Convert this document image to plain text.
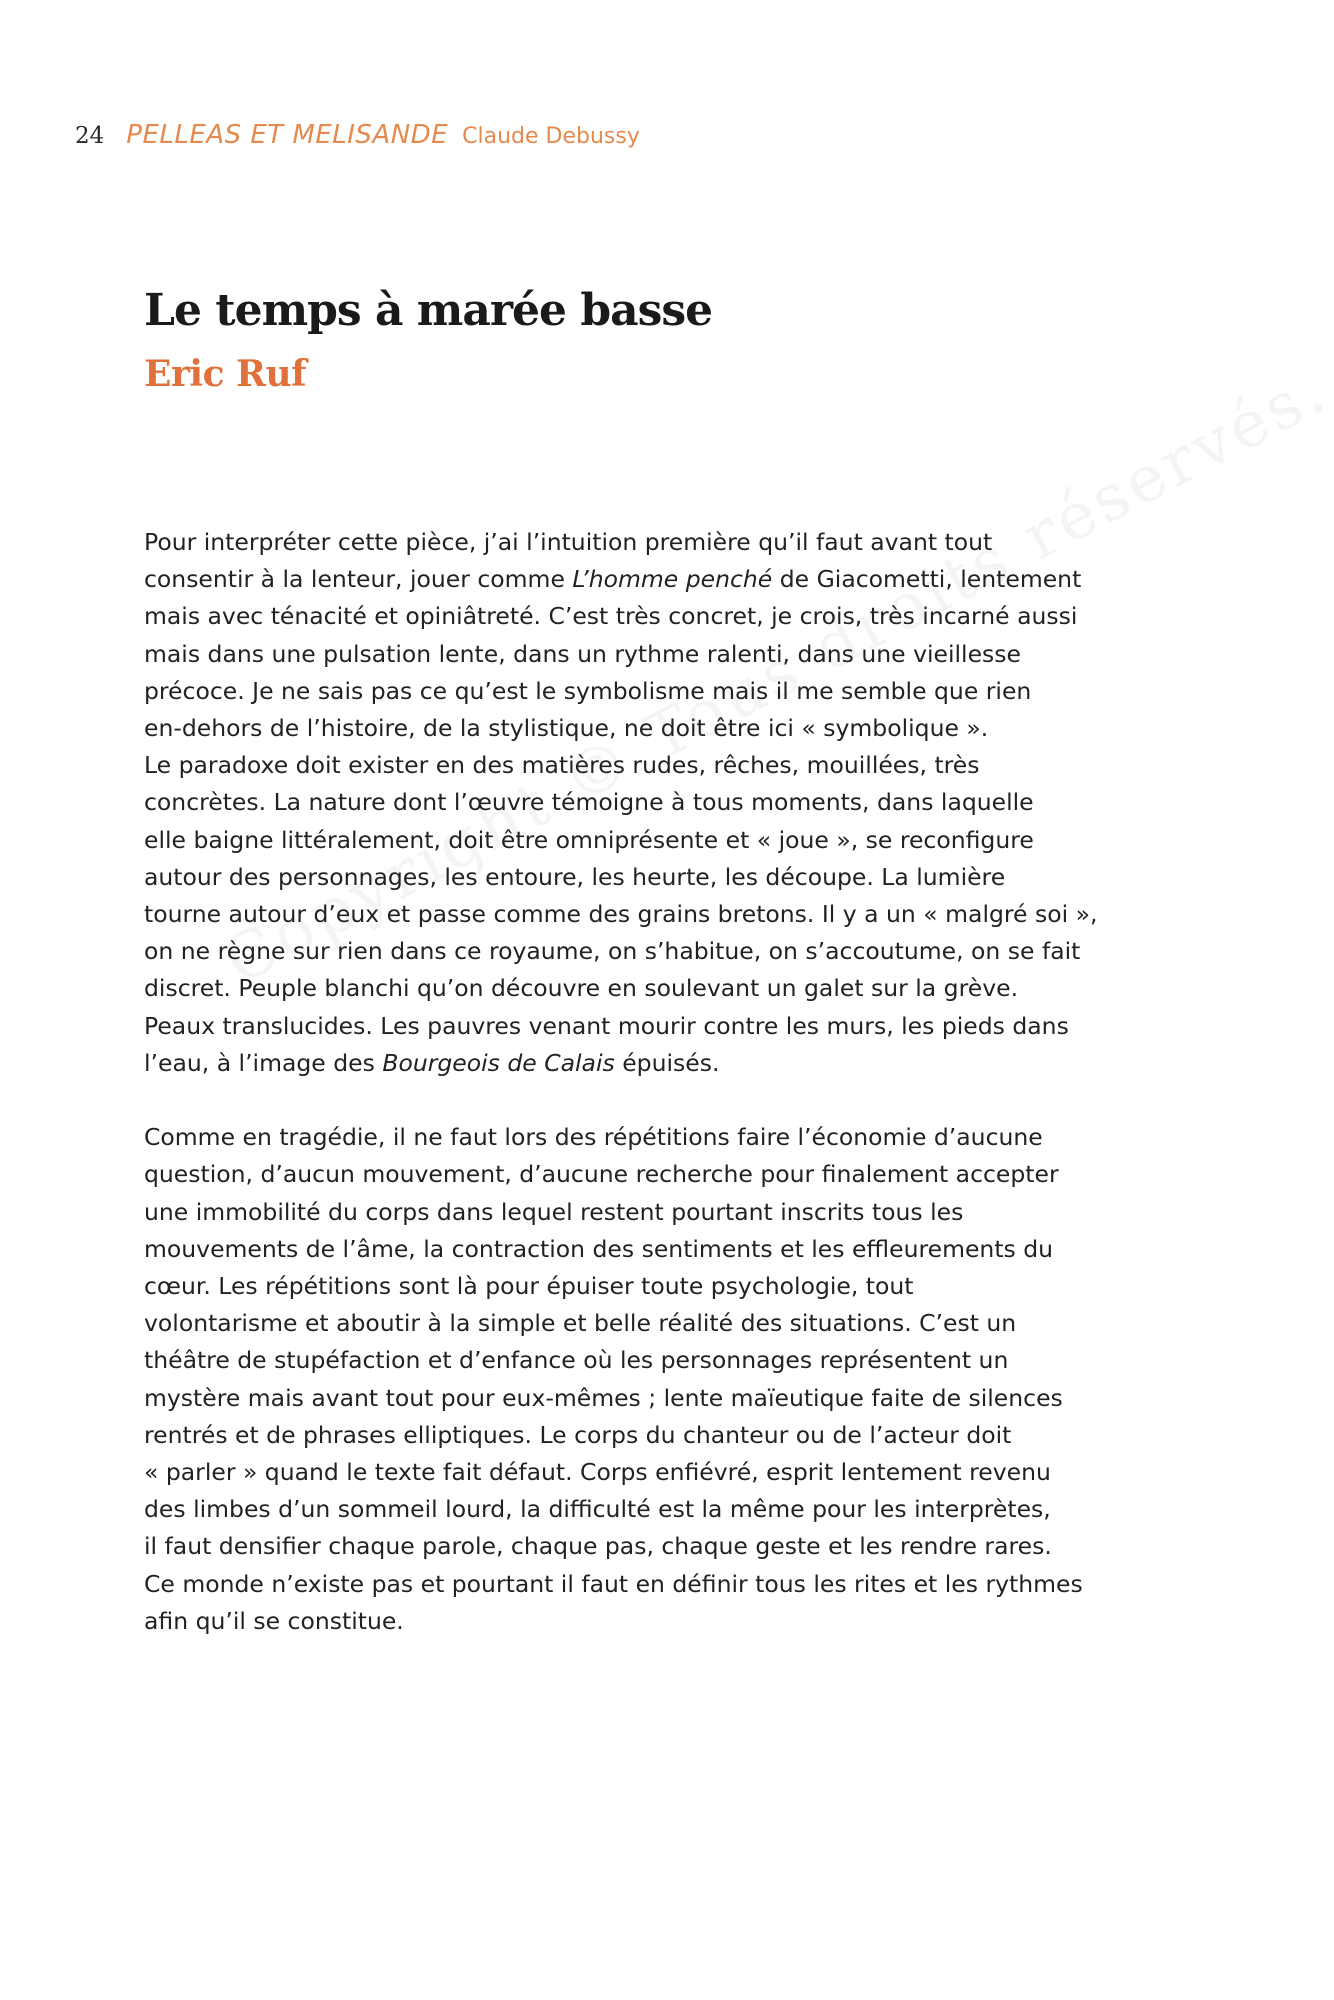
24 PELLEAS ET MELISANDE Claude Debussy
Le temps à marée basse
Eric Ruf

Pour interpréter cette pièce, j’ai l’intuition première qu’il faut avant tout
consentir à la lenteur, jouer comme L’homme penché de Giacometti, lentement
mais avec ténacité et opiniâtreté. C’est très concret, je crois, très incarné aussi
mais dans une pulsation lente, dans un rythme ralenti, dans une vieillesse
précoce. Je ne sais pas ce qu’est le symbolisme mais il me semble que rien
en-dehors de l’histoire, de la stylistique, ne doit être ici « symbolique ».
Le paradoxe doit exister en des matières rudes, rêches, mouillées, très
concrètes. La nature dont l’œuvre témoigne à tous moments, dans laquelle
elle baigne littéralement, doit être omniprésente et « joue », se reconfigure
autour des personnages, les entoure, les heurte, les découpe. La lumière
tourne autour d’eux et passe comme des grains bretons. Il y a un « malgré soi »,
on ne règne sur rien dans ce royaume, on s’habitue, on s’accoutume, on se fait
discret. Peuple blanchi qu’on découvre en soulevant un galet sur la grève.
Peaux translucides. Les pauvres venant mourir contre les murs, les pieds dans
l’eau, à l’image des Bourgeois de Calais épuisés.

Comme en tragédie, il ne faut lors des répétitions faire l’économie d’aucune
question, d’aucun mouvement, d’aucune recherche pour finalement accepter
une immobilité du corps dans lequel restent pourtant inscrits tous les
mouvements de l’âme, la contraction des sentiments et les effleurements du
cœur. Les répétitions sont là pour épuiser toute psychologie, tout
volontarisme et aboutir à la simple et belle réalité des situations. C’est un
théâtre de stupéfaction et d’enfance où les personnages représentent un
mystère mais avant tout pour eux-mêmes ; lente maïeutique faite de silences
rentrés et de phrases elliptiques. Le corps du chanteur ou de l’acteur doit
« parler » quand le texte fait défaut. Corps enfiévré, esprit lentement revenu
des limbes d’un sommeil lourd, la difficulté est la même pour les interprètes,
il faut densifier chaque parole, chaque pas, chaque geste et les rendre rares.
Ce monde n’existe pas et pourtant il faut en définir tous les rites et les rythmes
afin qu’il se constitue.
